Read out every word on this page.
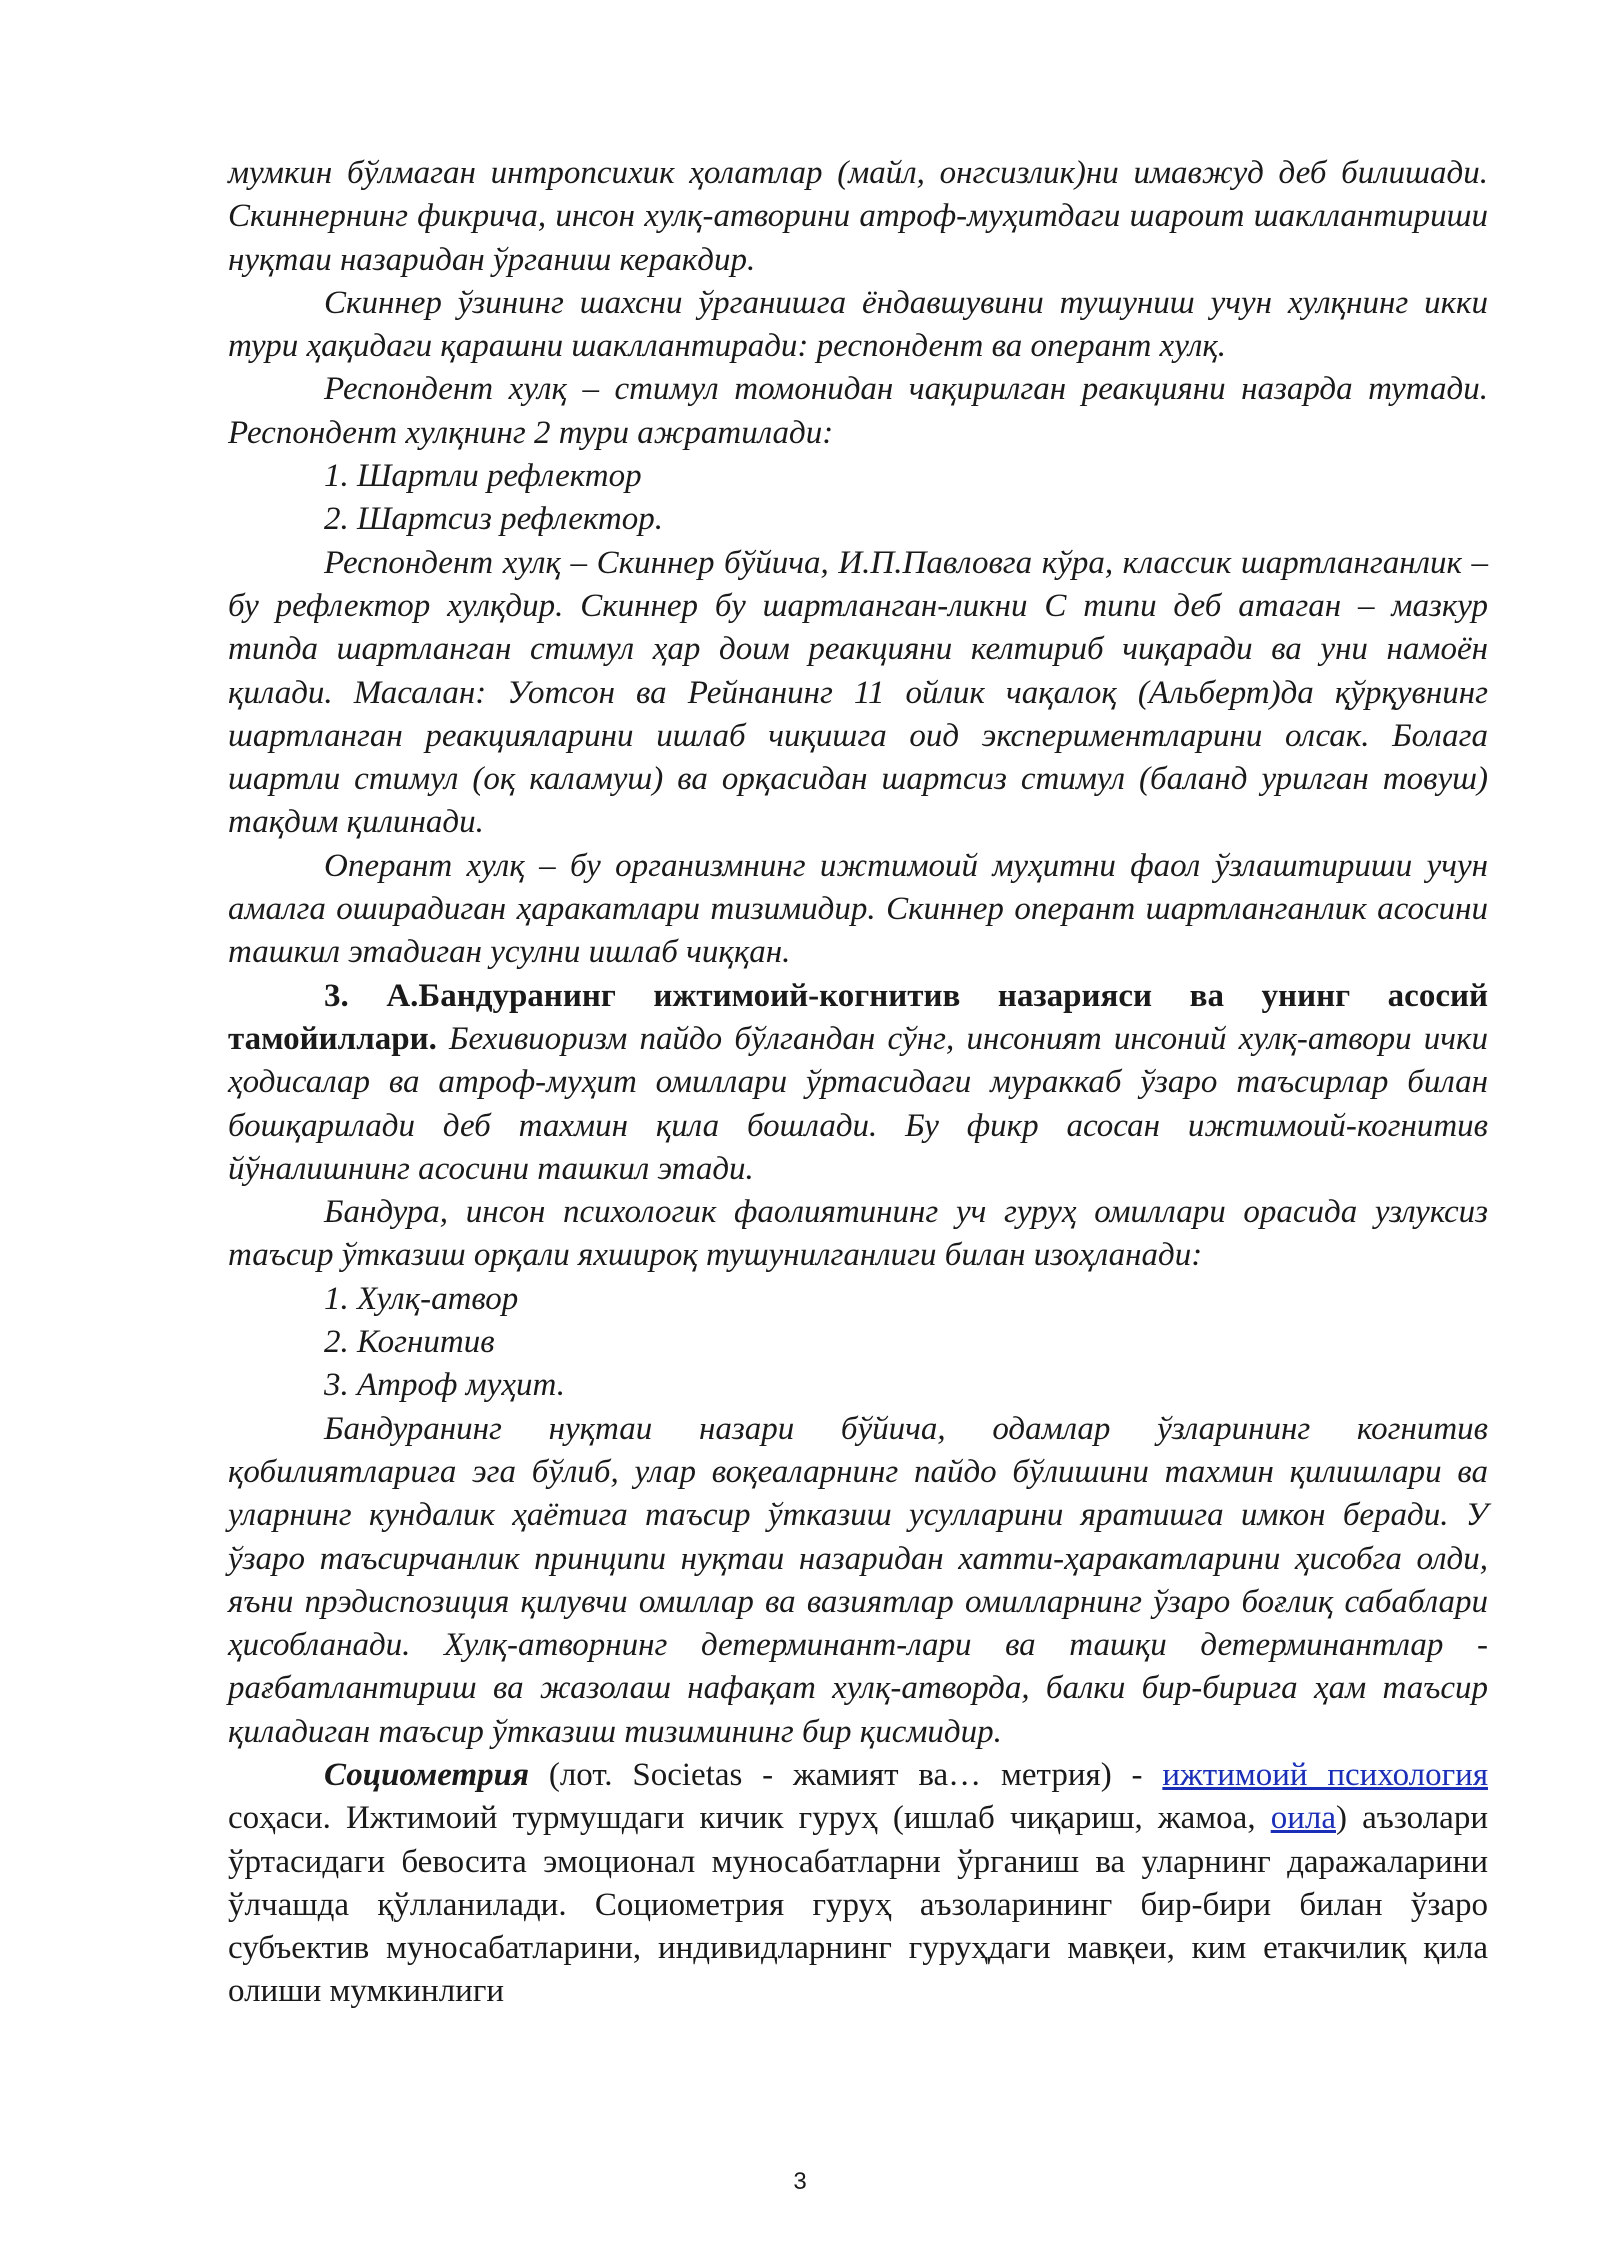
мумкин бўлмаган интропсихик ҳолатлар (майл, онгсизлик)ни имавжуд деб билишади. Скиннернинг фикрича, инсон хулқ-атворини атроф-муҳитдаги шароит шакллантириши нуқтаи назаридан ўрганиш керакдир.

Скиннер ўзининг шахсни ўрганишга ёндавшувини тушуниш учун хулқнинг икки тури ҳақидаги қарашни шакллантиради: респондент ва оперант хулқ.

Респондент хулқ – стимул томонидан чақирилган реакцияни назарда тутади. Респондент хулқнинг 2 тури ажратилади:

1. Шартли рефлектор

2. Шартсиз рефлектор.

Респондент хулқ – Скиннер бўйича, И.П.Павловга кўра, классик шартланганлик – бу рефлектор хулқдир. Скиннер бу шартланган-ликни С типи деб атаган – мазкур типда шартланган стимул ҳар доим реакцияни келтириб чиқаради ва уни намоён қилади. Масалан: Уотсон ва Рейнанинг 11 ойлик чақалоқ (Альберт)да қўрқувнинг шартланган реакцияларини ишлаб чиқишга оид экспериментларини олсак. Болага шартли стимул (оқ каламуш) ва орқасидан шартсиз стимул (баланд урилган товуш) тақдим қилинади.

Оперант хулқ – бу организмнинг ижтимоий муҳитни фаол ўзлаштириши учун амалга оширадиган ҳаракатлари тизимидир. Скиннер оперант шартланганлик асосини ташкил этадиган усулни ишлаб чиққан.

3. А.Бандуранинг ижтимоий-когнитив назарияси ва унинг асосий тамойиллари. Бехивиоризм пайдо бўлгандан сўнг, инсоният инсоний хулқ-атвори ички ҳодисалар ва атроф-муҳит омиллари ўртасидаги мураккаб ўзаро таъсирлар билан бошқарилади деб тахмин қила бошлади. Бу фикр асосан ижтимоий-когнитив йўналишнинг асосини ташкил этади.

Бандура, инсон психологик фаолиятининг уч гуруҳ омиллари орасида узлуксиз таъсир ўтказиш орқали яхшироқ тушунилганлиги билан изоҳланади:

1. Хулқ-атвор

2. Когнитив

3. Атроф муҳит.

Бандуранинг нуқтаи назари бўйича, одамлар ўзларининг когнитив қобилиятларига эга бўлиб, улар воқеаларнинг пайдо бўлишини тахмин қилишлари ва уларнинг кундалик ҳаётига таъсир ўтказиш усулларини яратишга имкон беради. У ўзаро таъсирчанлик принципи нуқтаи назаридан хатти-ҳаракатларини ҳисобга олди, яъни прэдиспозиция қилувчи омиллар ва вазиятлар омилларнинг ўзаро боғлиқ сабаблари ҳисобланади. Хулқ-атворнинг детерминант-лари ва ташқи детерминантлар - рағбатлантириш ва жазолаш нафақат хулқ-атворда, балки бир-бирига ҳам таъсир қиладиган таъсир ўтказиш тизимининг бир қисмидир.

Социометрия (лот. Societas - жамият ва… метрия) - ижтимоий психология соҳаси. Ижтимоий турмушдаги кичик гуруҳ (ишлаб чиқариш, жамоа, оила) аъзолари ўртасидаги бевосита эмоционал муносабатларни ўрганиш ва уларнинг даражаларини ўлчашда қўлланилади. Социометрия гуруҳ аъзоларининг бир-бири билан ўзаро субъектив муносабатларини, индивидларнинг гуруҳдаги мавқеи, ким етакчилиқ қила олиши мумкинлиги

3
